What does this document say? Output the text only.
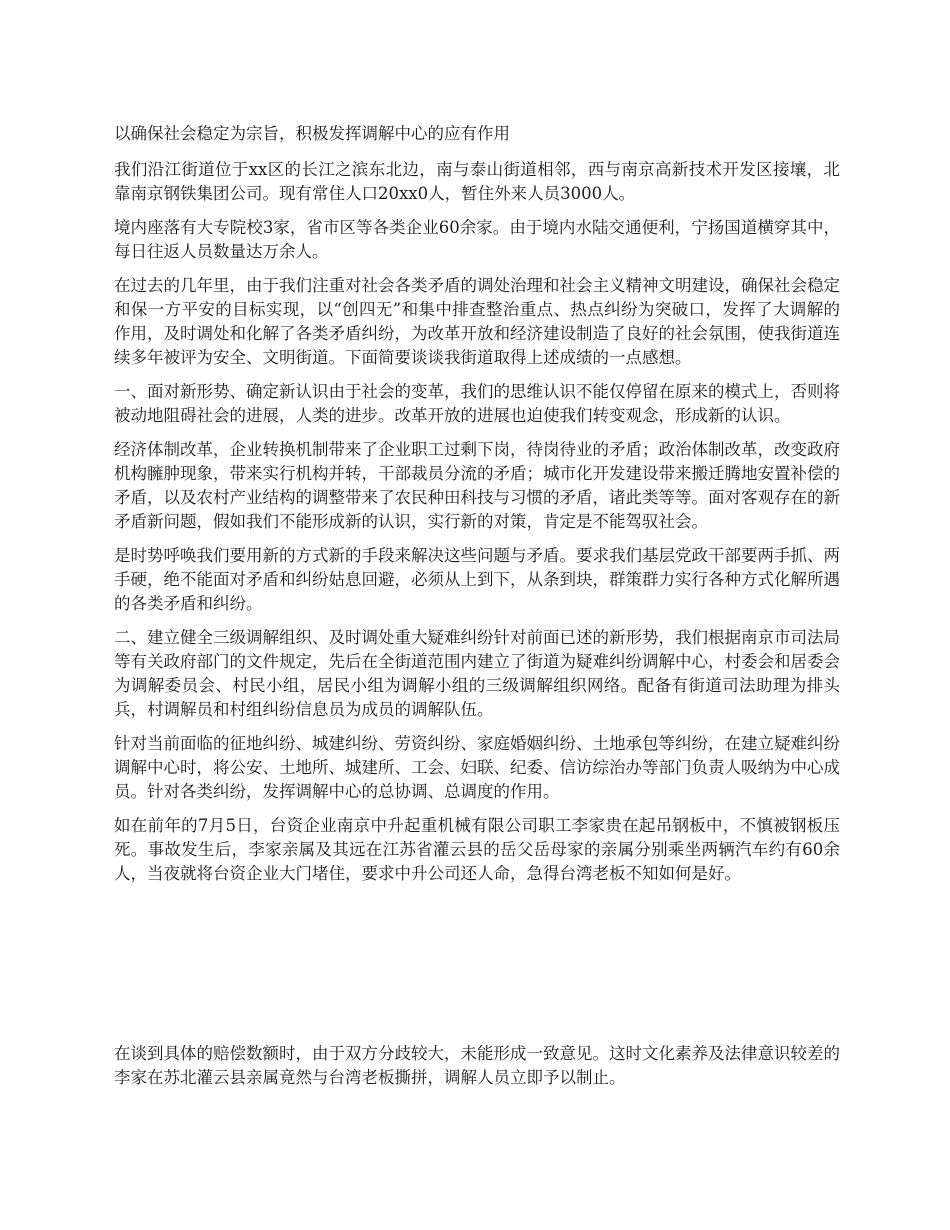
以确保社会稳定为宗旨，积极发挥调解中心的应有作用

我们沿江街道位于xx区的长江之滨东北边，南与泰山街道相邻，西与南京高新技术开发区接壤，北靠南京钢铁集团公司。现有常住人口20xx0人，暂住外来人员3000人。

境内座落有大专院校3家，省市区等各类企业60余家。由于境内水陆交通便利，宁扬国道横穿其中，每日往返人员数量达万余人。

在过去的几年里，由于我们注重对社会各类矛盾的调处治理和社会主义精神文明建设，确保社会稳定和保一方平安的目标实现，以“创四无”和集中排查整治重点、热点纠纷为突破口，发挥了大调解的作用，及时调处和化解了各类矛盾纠纷，为改革开放和经济建设制造了良好的社会氛围，使我街道连续多年被评为安全、文明街道。下面简要谈谈我街道取得上述成绩的一点感想。

一、面对新形势、确定新认识由于社会的变革，我们的思维认识不能仅停留在原来的模式上，否则将被动地阻碍社会的进展，人类的进步。改革开放的进展也迫使我们转变观念，形成新的认识。

经济体制改革，企业转换机制带来了企业职工过剩下岗，待岗待业的矛盾；政治体制改革，改变政府机构臃肿现象，带来实行机构并转，干部裁员分流的矛盾；城市化开发建设带来搬迁腾地安置补偿的矛盾，以及农村产业结构的调整带来了农民种田科技与习惯的矛盾，诸此类等等。面对客观存在的新矛盾新问题，假如我们不能形成新的认识，实行新的对策，肯定是不能驾驭社会。

是时势呼唤我们要用新的方式新的手段来解决这些问题与矛盾。要求我们基层党政干部要两手抓、两手硬，绝不能面对矛盾和纠纷姑息回避，必须从上到下，从条到块，群策群力实行各种方式化解所遇的各类矛盾和纠纷。

二、建立健全三级调解组织、及时调处重大疑难纠纷针对前面已述的新形势，我们根据南京市司法局等有关政府部门的文件规定，先后在全街道范围内建立了街道为疑难纠纷调解中心，村委会和居委会为调解委员会、村民小组，居民小组为调解小组的三级调解组织网络。配备有街道司法助理为排头兵，村调解员和村组纠纷信息员为成员的调解队伍。

针对当前面临的征地纠纷、城建纠纷、劳资纠纷、家庭婚姻纠纷、土地承包等纠纷，在建立疑难纠纷调解中心时，将公安、土地所、城建所、工会、妇联、纪委、信访综治办等部门负责人吸纳为中心成员。针对各类纠纷，发挥调解中心的总协调、总调度的作用。

如在前年的7月5日，台资企业南京中升起重机械有限公司职工李家贵在起吊钢板中，不慎被钢板压死。事故发生后，李家亲属及其远在江苏省灌云县的岳父岳母家的亲属分别乘坐两辆汽车约有60余人，当夜就将台资企业大门堵住，要求中升公司还人命，急得台湾老板不知如何是好。

在谈到具体的赔偿数额时，由于双方分歧较大，未能形成一致意见。这时文化素养及法律意识较差的李家在苏北灌云县亲属竟然与台湾老板撕拼，调解人员立即予以制止。
